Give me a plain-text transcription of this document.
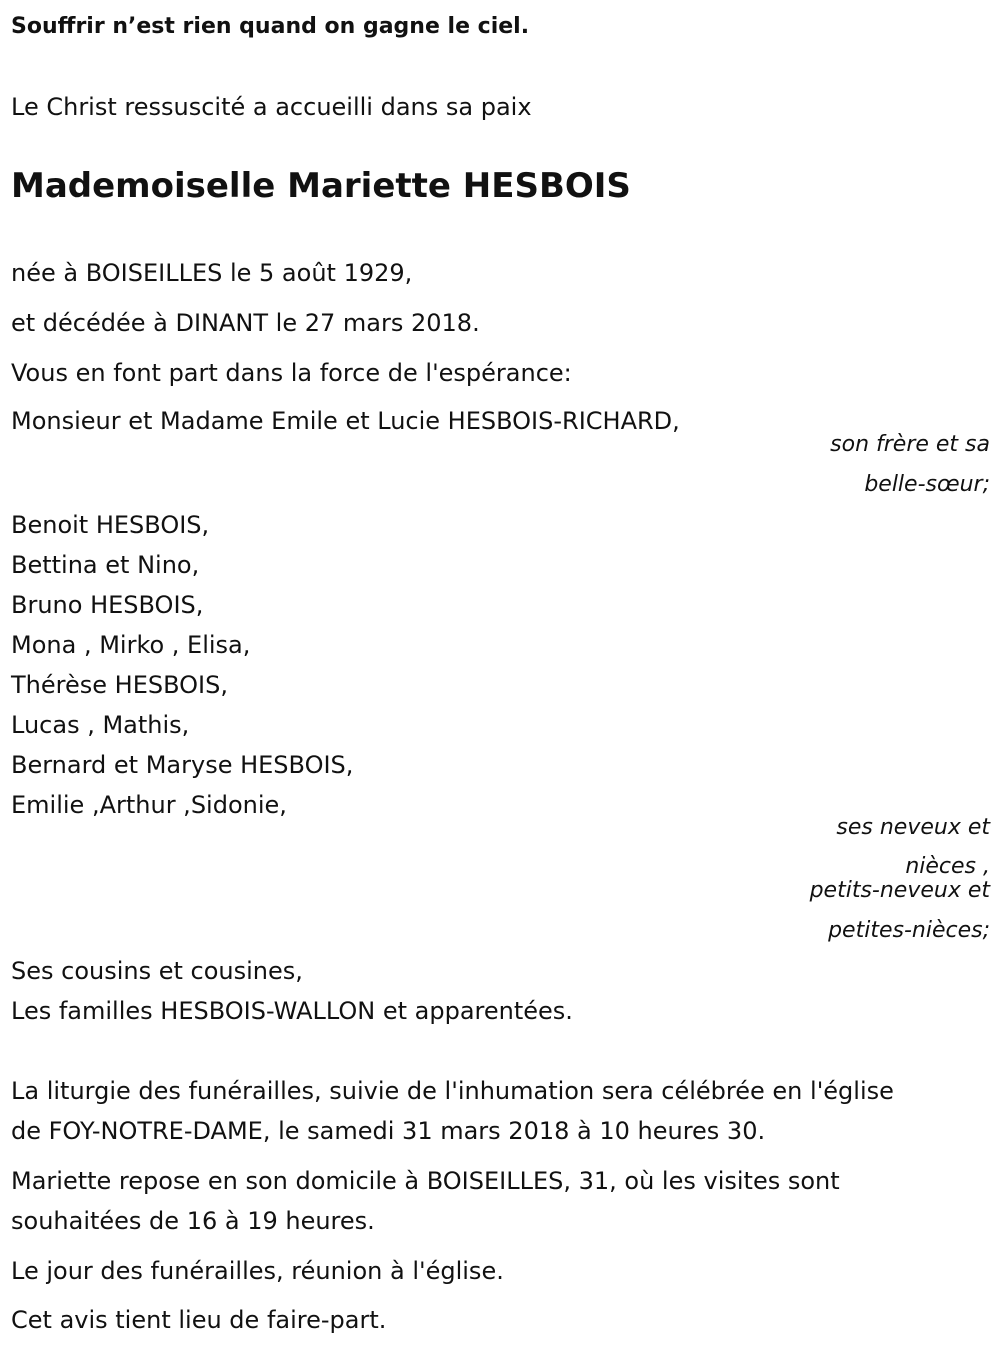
Souffrir n’est rien quand on gagne le ciel.

Le Christ ressuscité a accueilli dans sa paix

Mademoiselle Mariette HESBOIS

née à BOISEILLES le 5 août 1929,

et décédée à DINANT le 27 mars 2018.

Vous en font part dans la force de l'espérance:

Monsieur et Madame Emile et Lucie HESBOIS-RICHARD,

son frère et sa

belle-sœur;

Benoit HESBOIS,

Bettina et Nino,

Bruno HESBOIS,

Mona , Mirko , Elisa,

Thérèse HESBOIS,

Lucas , Mathis,

Bernard et Maryse HESBOIS,

Emilie ,Arthur ,Sidonie,

ses neveux et

nièces ,

petits-neveux et

petites-nièces;

Ses cousins et cousines,

Les familles HESBOIS-WALLON et apparentées.

La liturgie des funérailles, suivie de l'inhumation sera célébrée en l'église

de FOY-NOTRE-DAME, le samedi 31 mars 2018 à 10 heures 30.

Mariette repose en son domicile à BOISEILLES, 31, où les visites sont

souhaitées de 16 à 19 heures.

Le jour des funérailles, réunion à l'église.

Cet avis tient lieu de faire-part.
